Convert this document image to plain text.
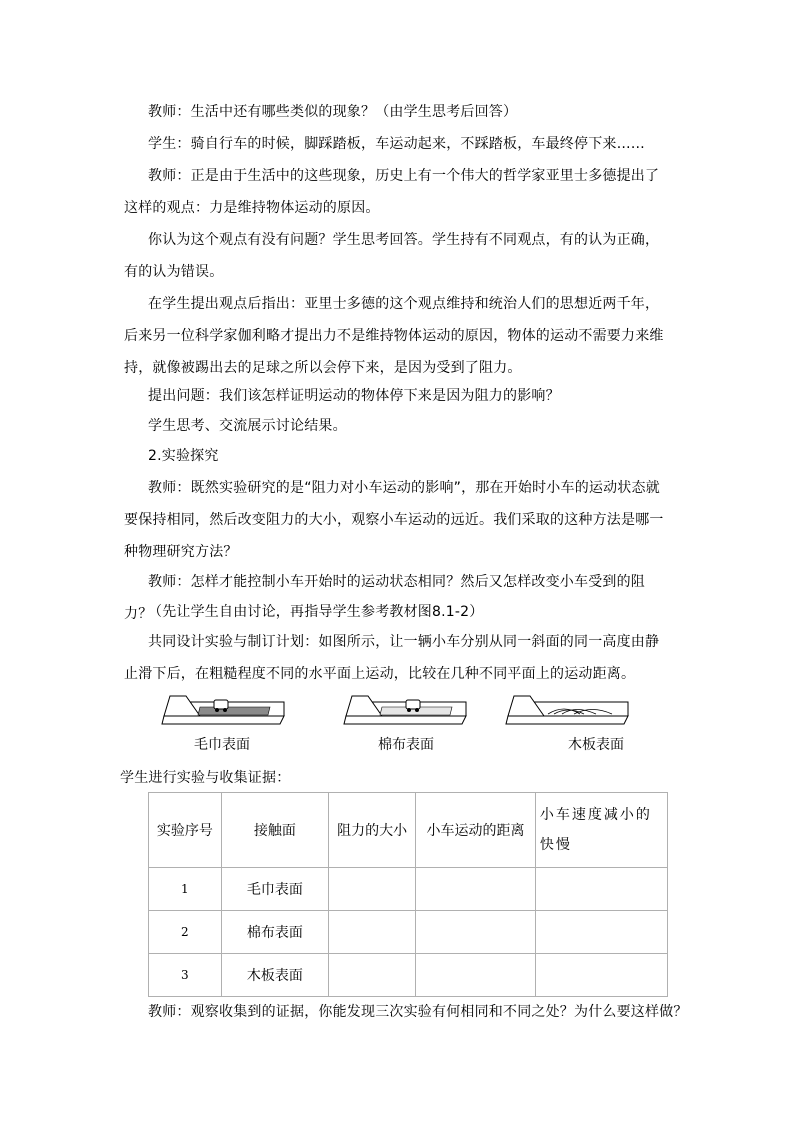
教师：生活中还有哪些类似的现象？（由学生思考后回答）
学生：骑自行车的时候，脚踩踏板，车运动起来，不踩踏板，车最终停下来……
教师：正是由于生活中的这些现象，历史上有一个伟大的哲学家亚里士多德提出了这样的观点：力是维持物体运动的原因。
你认为这个观点有没有问题？学生思考回答。学生持有不同观点，有的认为正确，有的认为错误。
在学生提出观点后指出：亚里士多德的这个观点维持和统治人们的思想近两千年，后来另一位科学家伽利略才提出力不是维持物体运动的原因，物体的运动不需要力来维持，就像被踢出去的足球之所以会停下来，是因为受到了阻力。
提出问题：我们该怎样证明运动的物体停下来是因为阻力的影响？
学生思考、交流展示讨论结果。
2.实验探究
教师：既然实验研究的是“阻力对小车运动的影响”，那在开始时小车的运动状态就要保持相同，然后改变阻力的大小，观察小车运动的远近。我们采取的这种方法是哪一种物理研究方法？
教师：怎样才能控制小车开始时的运动状态相同？然后又怎样改变小车受到的阻力？
（先让学生自由讨论，再指导学生参考教材图8.1-2）
共同设计实验与制订计划：如图所示，让一辆小车分别从同一斜面的同一高度由静止滑下后，在粗糙程度不同的水平面上运动，比较在几种不同平面上的运动距离。
毛巾表面	棉布表面	木板表面
学生进行实验与收集证据：
实验序号	接触面	阻力的大小	小车运动的距离	小车速度减小的快慢
1	毛巾表面			
2	棉布表面			
3	木板表面			
教师：观察收集到的证据，你能发现三次实验有何相同和不同之处？为什么要这样做？
